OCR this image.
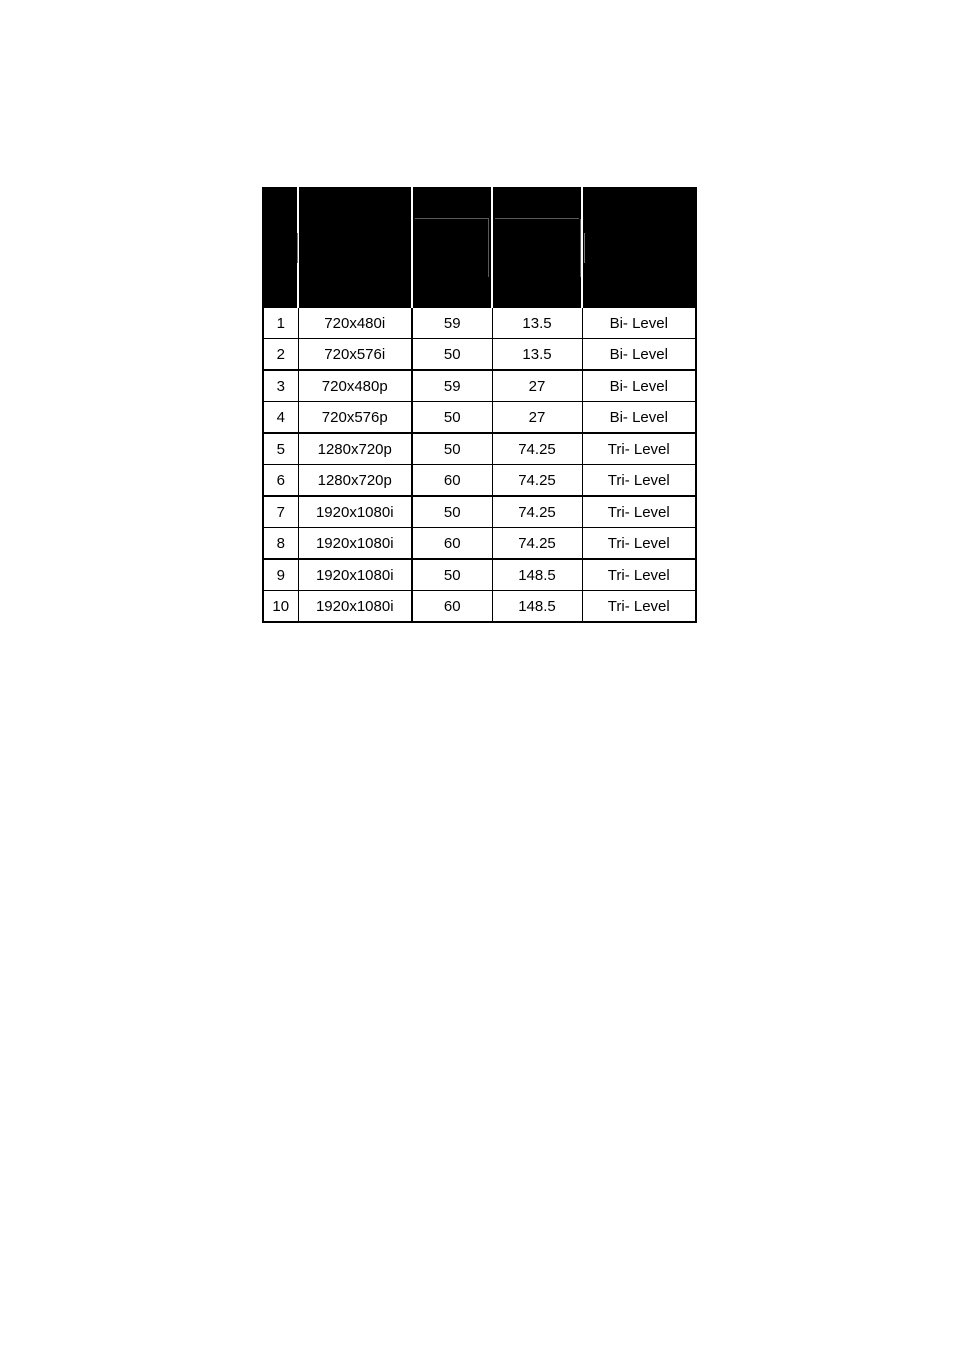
1	720x480i	59	13.5	Bi- Level
2	720x576i	50	13.5	Bi- Level
3	720x480p	59	27	Bi- Level
4	720x576p	50	27	Bi- Level
5	1280x720p	50	74.25	Tri- Level
6	1280x720p	60	74.25	Tri- Level
7	1920x1080i	50	74.25	Tri- Level
8	1920x1080i	60	74.25	Tri- Level
9	1920x1080i	50	148.5	Tri- Level
10	1920x1080i	60	148.5	Tri- Level
